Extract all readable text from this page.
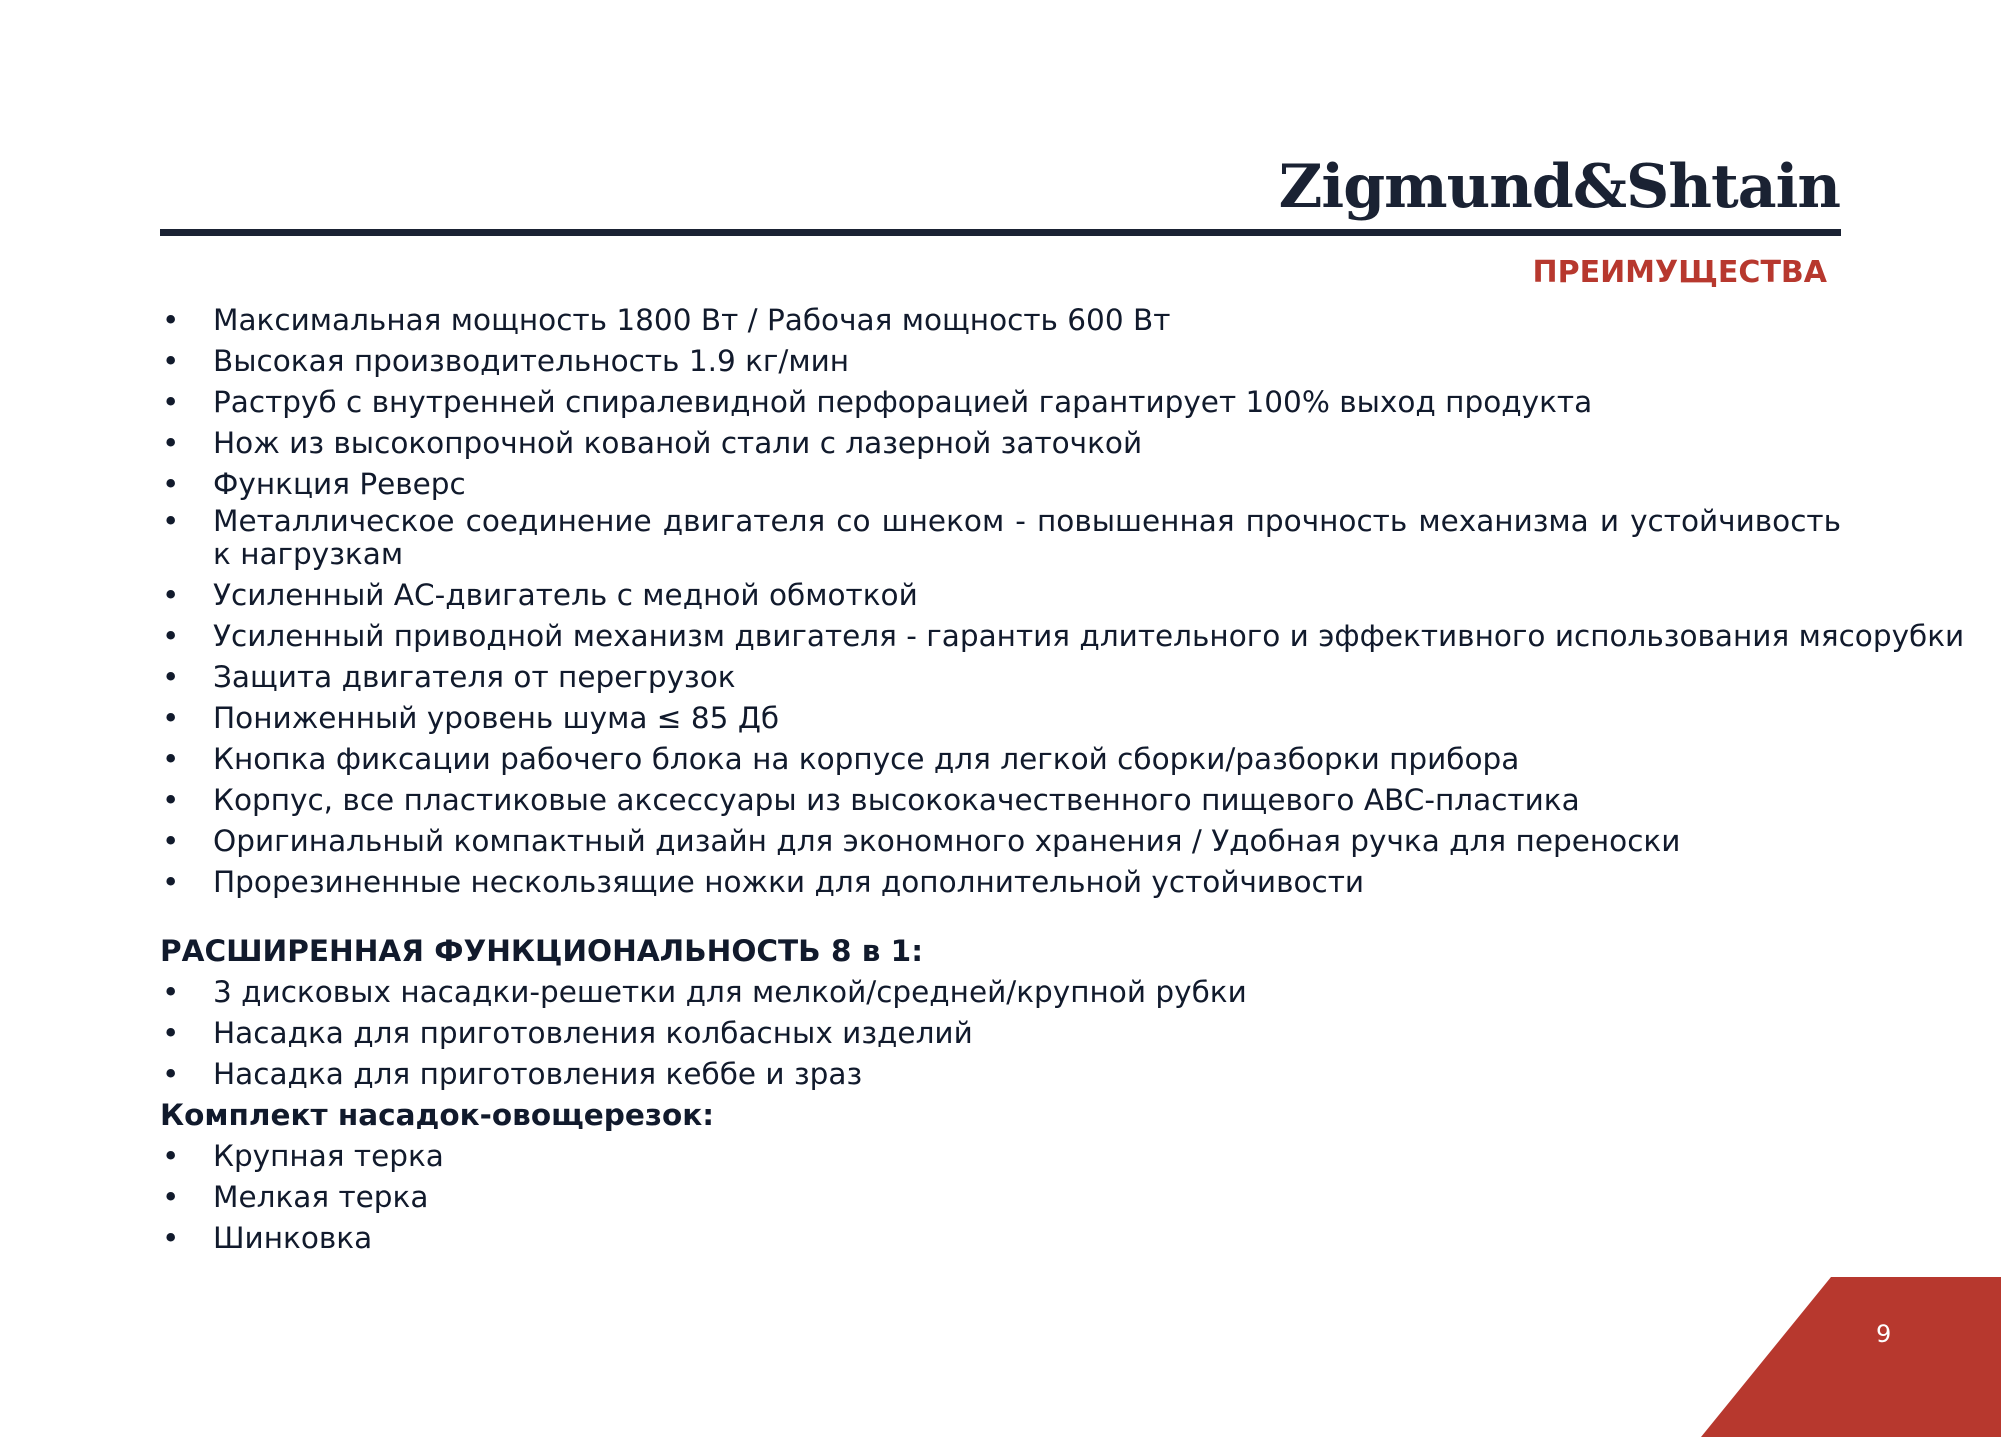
Zigmund&Shtain
ПРЕИМУЩЕСТВА
• Максимальная мощность 1800 Вт / Рабочая мощность 600 Вт
• Высокая производительность 1.9 кг/мин
• Раструб с внутренней спиралевидной перфорацией гарантирует 100% выход продукта
• Нож из высокопрочной кованой стали с лазерной заточкой
• Функция Реверс
• Металлическое соединение двигателя со шнеком - повышенная прочность механизма и устойчивость к нагрузкам
• Усиленный АС-двигатель с медной обмоткой
• Усиленный приводной механизм двигателя - гарантия длительного и эффективного использования мясорубки
• Защита двигателя от перегрузок
• Пониженный уровень шума ≤ 85 Дб
• Кнопка фиксации рабочего блока на корпусе для легкой сборки/разборки прибора
• Корпус, все пластиковые аксессуары из высококачественного пищевого ABC-пластика
• Оригинальный компактный дизайн для экономного хранения / Удобная ручка для переноски
• Прорезиненные нескользящие ножки для дополнительной устойчивости
РАСШИРЕННАЯ ФУНКЦИОНАЛЬНОСТЬ 8 в 1:
• 3 дисковых насадки-решетки для мелкой/средней/крупной рубки
• Насадка для приготовления колбасных изделий
• Насадка для приготовления кеббе и зраз
Комплект насадок-овощерезок:
• Крупная терка
• Мелкая терка
• Шинковка
9
